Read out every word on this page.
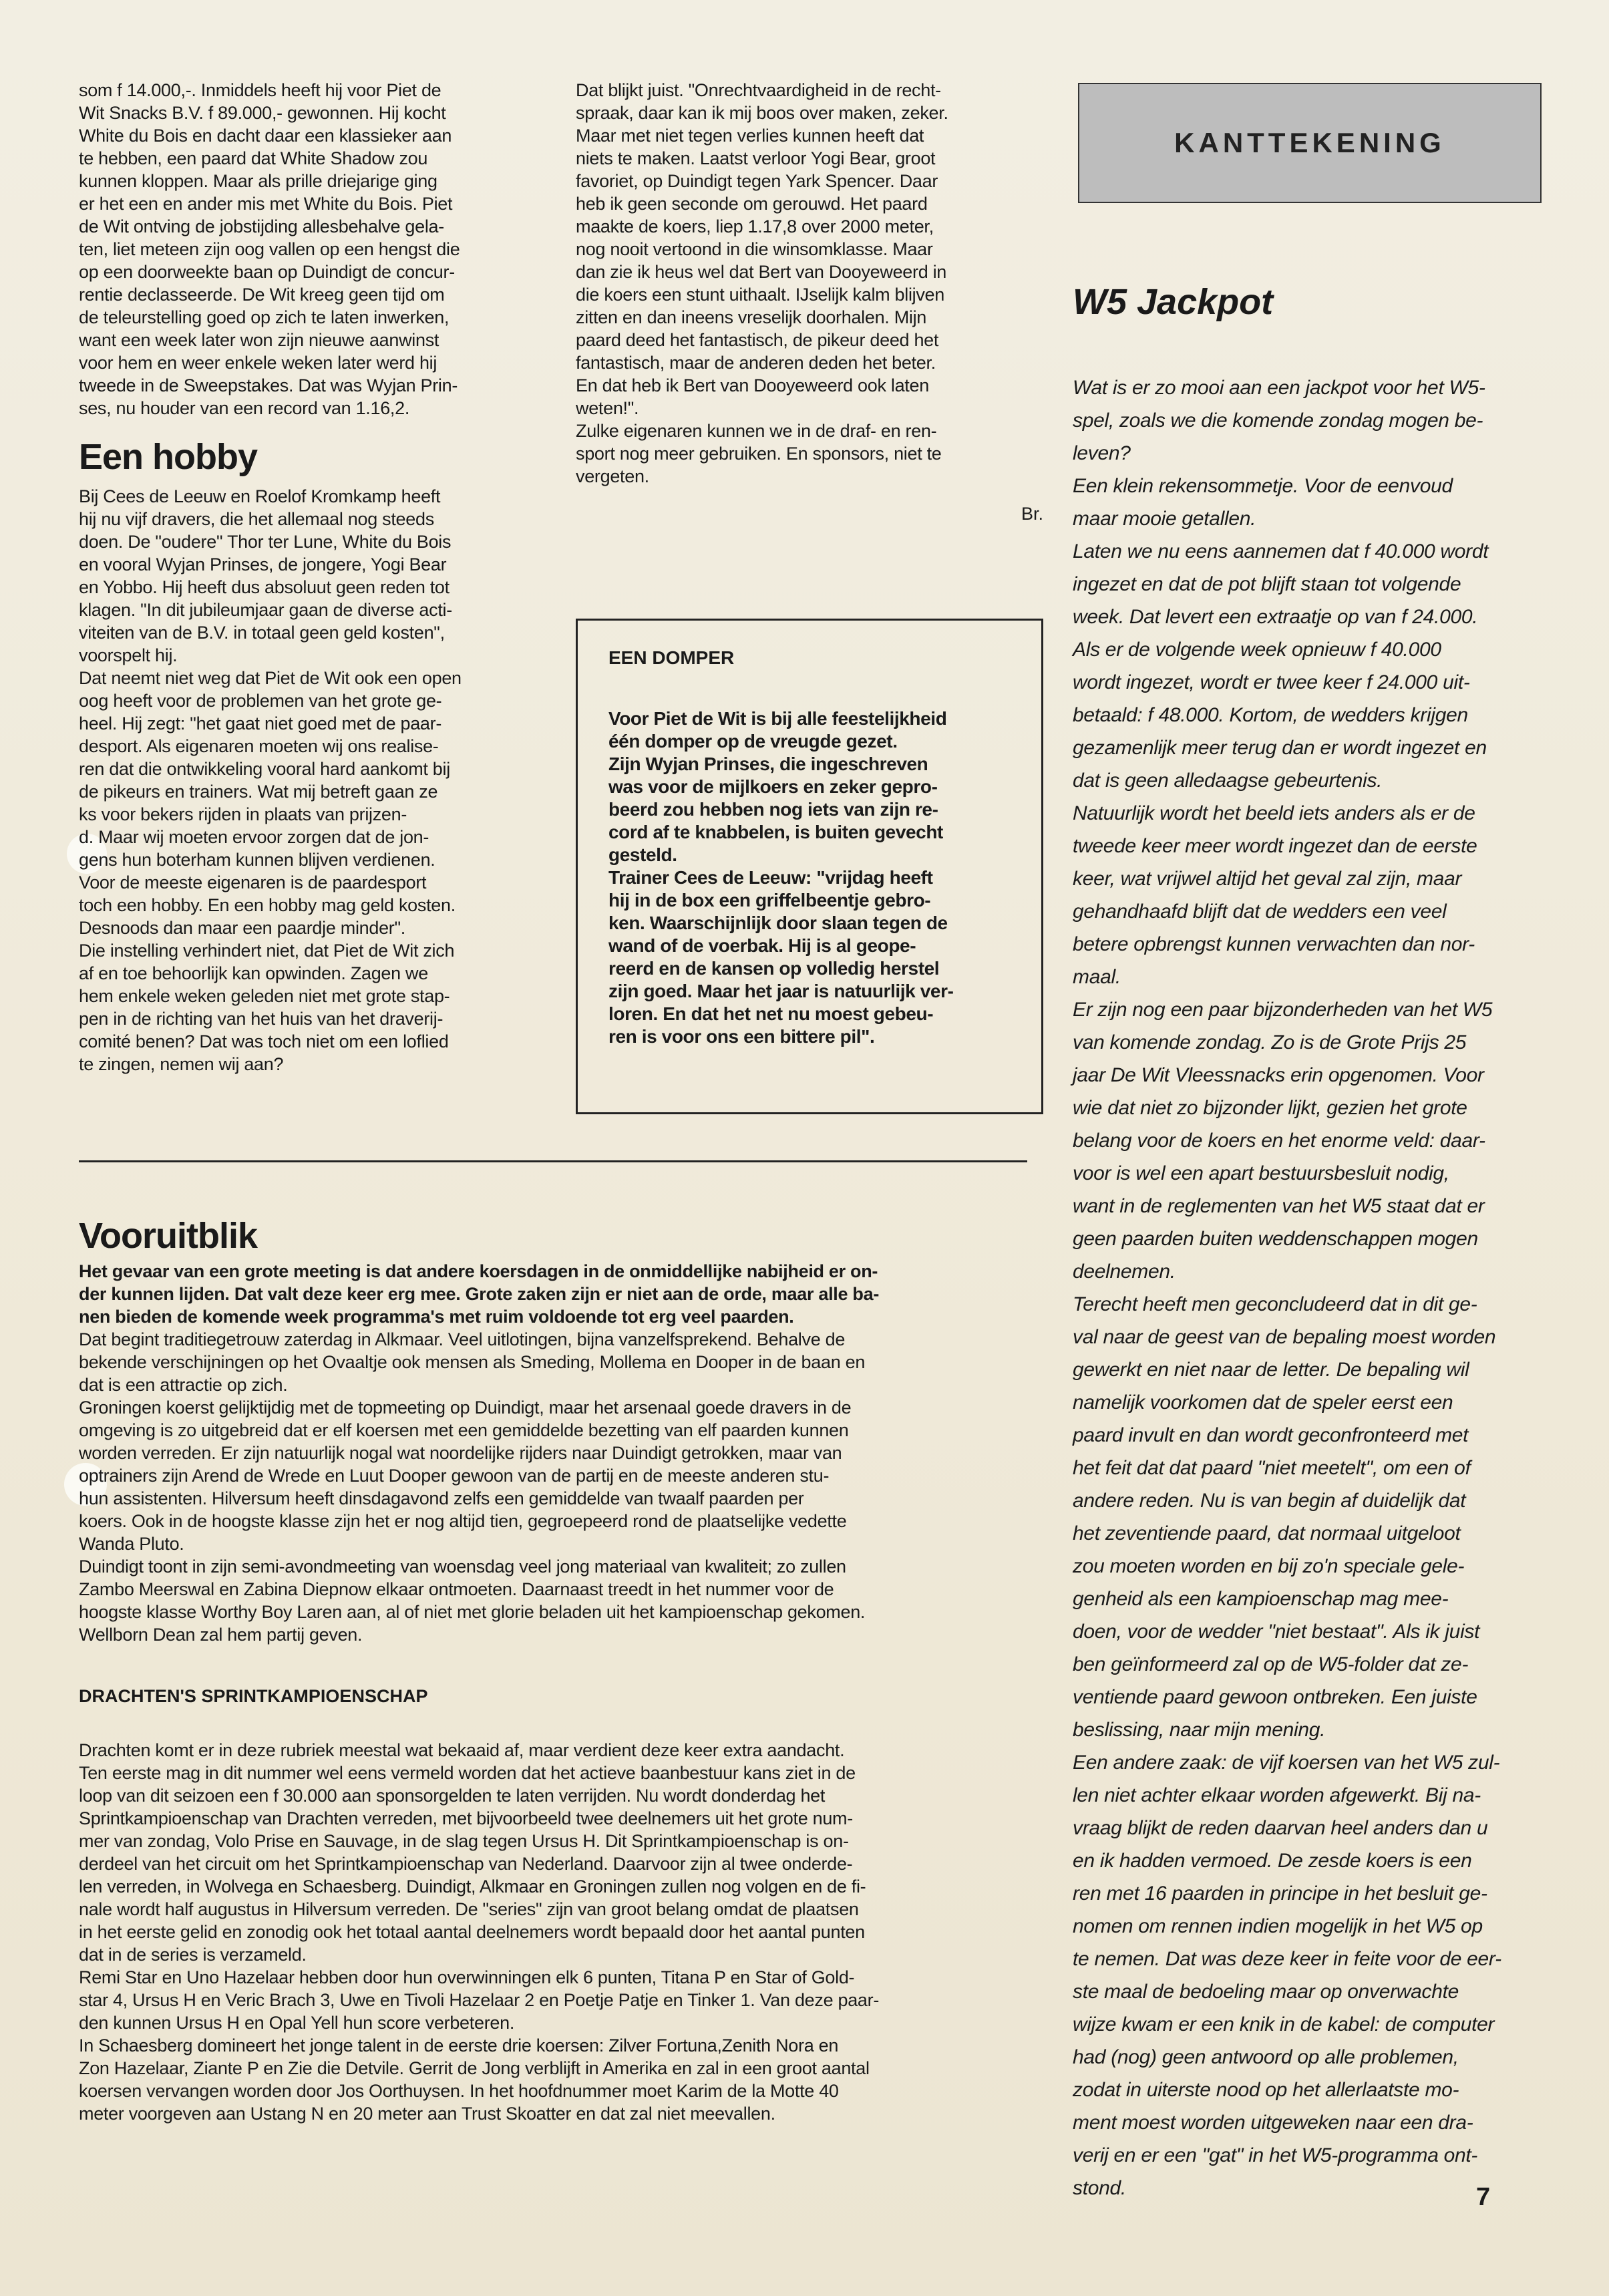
som f 14.000,-. Inmiddels heeft hij voor Piet de
Wit Snacks B.V. f 89.000,- gewonnen. Hij kocht
White du Bois en dacht daar een klassieker aan
te hebben, een paard dat White Shadow zou
kunnen kloppen. Maar als prille driejarige ging
er het een en ander mis met White du Bois. Piet
de Wit ontving de jobstijding allesbehalve gela-
ten, liet meteen zijn oog vallen op een hengst die
op een doorweekte baan op Duindigt de concur-
rentie declasseerde. De Wit kreeg geen tijd om
de teleurstelling goed op zich te laten inwerken,
want een week later won zijn nieuwe aanwinst
voor hem en weer enkele weken later werd hij
tweede in de Sweepstakes. Dat was Wyjan Prin-
ses, nu houder van een record van 1.16,2.
Een hobby
Bij Cees de Leeuw en Roelof Kromkamp heeft
hij nu vijf dravers, die het allemaal nog steeds
doen. De "oudere" Thor ter Lune, White du Bois
en vooral Wyjan Prinses, de jongere, Yogi Bear
en Yobbo. Hij heeft dus absoluut geen reden tot
klagen. "In dit jubileumjaar gaan de diverse acti-
viteiten van de B.V. in totaal geen geld kosten",
voorspelt hij.
Dat neemt niet weg dat Piet de Wit ook een open
oog heeft voor de problemen van het grote ge-
heel. Hij zegt: "het gaat niet goed met de paar-
desport. Als eigenaren moeten wij ons realise-
ren dat die ontwikkeling vooral hard aankomt bij
de pikeurs en trainers. Wat mij betreft gaan ze
ks voor bekers rijden in plaats van prijzen-
d. Maar wij moeten ervoor zorgen dat de jon-
gens hun boterham kunnen blijven verdienen.
Voor de meeste eigenaren is de paardesport
toch een hobby. En een hobby mag geld kosten.
Desnoods dan maar een paardje minder".
Die instelling verhindert niet, dat Piet de Wit zich
af en toe behoorlijk kan opwinden. Zagen we
hem enkele weken geleden niet met grote stap-
pen in de richting van het huis van het draverij-
comité benen? Dat was toch niet om een loflied
te zingen, nemen wij aan?
Dat blijkt juist. "Onrechtvaardigheid in de recht-
spraak, daar kan ik mij boos over maken, zeker.
Maar met niet tegen verlies kunnen heeft dat
niets te maken. Laatst verloor Yogi Bear, groot
favoriet, op Duindigt tegen Yark Spencer. Daar
heb ik geen seconde om gerouwd. Het paard
maakte de koers, liep 1.17,8 over 2000 meter,
nog nooit vertoond in die winsomklasse. Maar
dan zie ik heus wel dat Bert van Dooyeweerd in
die koers een stunt uithaalt. IJselijk kalm blijven
zitten en dan ineens vreselijk doorhalen. Mijn
paard deed het fantastisch, de pikeur deed het
fantastisch, maar de anderen deden het beter.
En dat heb ik Bert van Dooyeweerd ook laten
weten!".
Zulke eigenaren kunnen we in de draf- en ren-
sport nog meer gebruiken. En sponsors, niet te
vergeten.
Br.
EEN DOMPER
Voor Piet de Wit is bij alle feestelijkheid
één domper op de vreugde gezet.
Zijn Wyjan Prinses, die ingeschreven
was voor de mijlkoers en zeker gepro-
beerd zou hebben nog iets van zijn re-
cord af te knabbelen, is buiten gevecht
gesteld.
Trainer Cees de Leeuw: "vrijdag heeft
hij in de box een griffelbeentje gebro-
ken. Waarschijnlijk door slaan tegen de
wand of de voerbak. Hij is al geope-
reerd en de kansen op volledig herstel
zijn goed. Maar het jaar is natuurlijk ver-
loren. En dat het net nu moest gebeu-
ren is voor ons een bittere pil".
KANTTEKENING
W5 Jackpot
Wat is er zo mooi aan een jackpot voor het W5-
spel, zoals we die komende zondag mogen be-
leven?
Een klein rekensommetje. Voor de eenvoud
maar mooie getallen.
Laten we nu eens aannemen dat f 40.000 wordt
ingezet en dat de pot blijft staan tot volgende
week. Dat levert een extraatje op van f 24.000.
Als er de volgende week opnieuw f 40.000
wordt ingezet, wordt er twee keer f 24.000 uit-
betaald: f 48.000. Kortom, de wedders krijgen
gezamenlijk meer terug dan er wordt ingezet en
dat is geen alledaagse gebeurtenis.
Natuurlijk wordt het beeld iets anders als er de
tweede keer meer wordt ingezet dan de eerste
keer, wat vrijwel altijd het geval zal zijn, maar
gehandhaafd blijft dat de wedders een veel
betere opbrengst kunnen verwachten dan nor-
maal.
Er zijn nog een paar bijzonderheden van het W5
van komende zondag. Zo is de Grote Prijs 25
jaar De Wit Vleessnacks erin opgenomen. Voor
wie dat niet zo bijzonder lijkt, gezien het grote
belang voor de koers en het enorme veld: daar-
voor is wel een apart bestuursbesluit nodig,
want in de reglementen van het W5 staat dat er
geen paarden buiten weddenschappen mogen
deelnemen.
Terecht heeft men geconcludeerd dat in dit ge-
val naar de geest van de bepaling moest worden
gewerkt en niet naar de letter. De bepaling wil
namelijk voorkomen dat de speler eerst een
paard invult en dan wordt geconfronteerd met
het feit dat dat paard "niet meetelt", om een of
andere reden. Nu is van begin af duidelijk dat
het zeventiende paard, dat normaal uitgeloot
zou moeten worden en bij zo'n speciale gele-
genheid als een kampioenschap mag mee-
doen, voor de wedder "niet bestaat". Als ik juist
ben geïnformeerd zal op de W5-folder dat ze-
ventiende paard gewoon ontbreken. Een juiste
beslissing, naar mijn mening.
Een andere zaak: de vijf koersen van het W5 zul-
len niet achter elkaar worden afgewerkt. Bij na-
vraag blijkt de reden daarvan heel anders dan u
en ik hadden vermoed. De zesde koers is een
ren met 16 paarden in principe in het besluit ge-
nomen om rennen indien mogelijk in het W5 op
te nemen. Dat was deze keer in feite voor de eer-
ste maal de bedoeling maar op onverwachte
wijze kwam er een knik in de kabel: de computer
had (nog) geen antwoord op alle problemen,
zodat in uiterste nood op het allerlaatste mo-
ment moest worden uitgeweken naar een dra-
verij en er een "gat" in het W5-programma ont-
stond.
Vooruitblik
Het gevaar van een grote meeting is dat andere koersdagen in de onmiddellijke nabijheid er on-
der kunnen lijden. Dat valt deze keer erg mee. Grote zaken zijn er niet aan de orde, maar alle ba-
nen bieden de komende week programma's met ruim voldoende tot erg veel paarden.
Dat begint traditiegetrouw zaterdag in Alkmaar. Veel uitlotingen, bijna vanzelfsprekend. Behalve de
bekende verschijningen op het Ovaaltje ook mensen als Smeding, Mollema en Dooper in de baan en
dat is een attractie op zich.
Groningen koerst gelijktijdig met de topmeeting op Duindigt, maar het arsenaal goede dravers in de
omgeving is zo uitgebreid dat er elf koersen met een gemiddelde bezetting van elf paarden kunnen
worden verreden. Er zijn natuurlijk nogal wat noordelijke rijders naar Duindigt getrokken, maar van
optrainers zijn Arend de Wrede en Luut Dooper gewoon van de partij en de meeste anderen stu-
hun assistenten. Hilversum heeft dinsdagavond zelfs een gemiddelde van twaalf paarden per
koers. Ook in de hoogste klasse zijn het er nog altijd tien, gegroepeerd rond de plaatselijke vedette
Wanda Pluto.
Duindigt toont in zijn semi-avondmeeting van woensdag veel jong materiaal van kwaliteit; zo zullen
Zambo Meerswal en Zabina Diepnow elkaar ontmoeten. Daarnaast treedt in het nummer voor de
hoogste klasse Worthy Boy Laren aan, al of niet met glorie beladen uit het kampioenschap gekomen.
Wellborn Dean zal hem partij geven.
DRACHTEN'S SPRINTKAMPIOENSCHAP
Drachten komt er in deze rubriek meestal wat bekaaid af, maar verdient deze keer extra aandacht.
Ten eerste mag in dit nummer wel eens vermeld worden dat het actieve baanbestuur kans ziet in de
loop van dit seizoen een f 30.000 aan sponsorgelden te laten verrijden. Nu wordt donderdag het
Sprintkampioenschap van Drachten verreden, met bijvoorbeeld twee deelnemers uit het grote num-
mer van zondag, Volo Prise en Sauvage, in de slag tegen Ursus H. Dit Sprintkampioenschap is on-
derdeel van het circuit om het Sprintkampioenschap van Nederland. Daarvoor zijn al twee onderde-
len verreden, in Wolvega en Schaesberg. Duindigt, Alkmaar en Groningen zullen nog volgen en de fi-
nale wordt half augustus in Hilversum verreden. De "series" zijn van groot belang omdat de plaatsen
in het eerste gelid en zonodig ook het totaal aantal deelnemers wordt bepaald door het aantal punten
dat in de series is verzameld.
Remi Star en Uno Hazelaar hebben door hun overwinningen elk 6 punten, Titana P en Star of Gold-
star 4, Ursus H en Veric Brach 3, Uwe en Tivoli Hazelaar 2 en Poetje Patje en Tinker 1. Van deze paar-
den kunnen Ursus H en Opal Yell hun score verbeteren.
In Schaesberg domineert het jonge talent in de eerste drie koersen: Zilver Fortuna,Zenith Nora en
Zon Hazelaar, Ziante P en Zie die Detvile. Gerrit de Jong verblijft in Amerika en zal in een groot aantal
koersen vervangen worden door Jos Oorthuysen. In het hoofdnummer moet Karim de la Motte 40
meter voorgeven aan Ustang N en 20 meter aan Trust Skoatter en dat zal niet meevallen.
7
